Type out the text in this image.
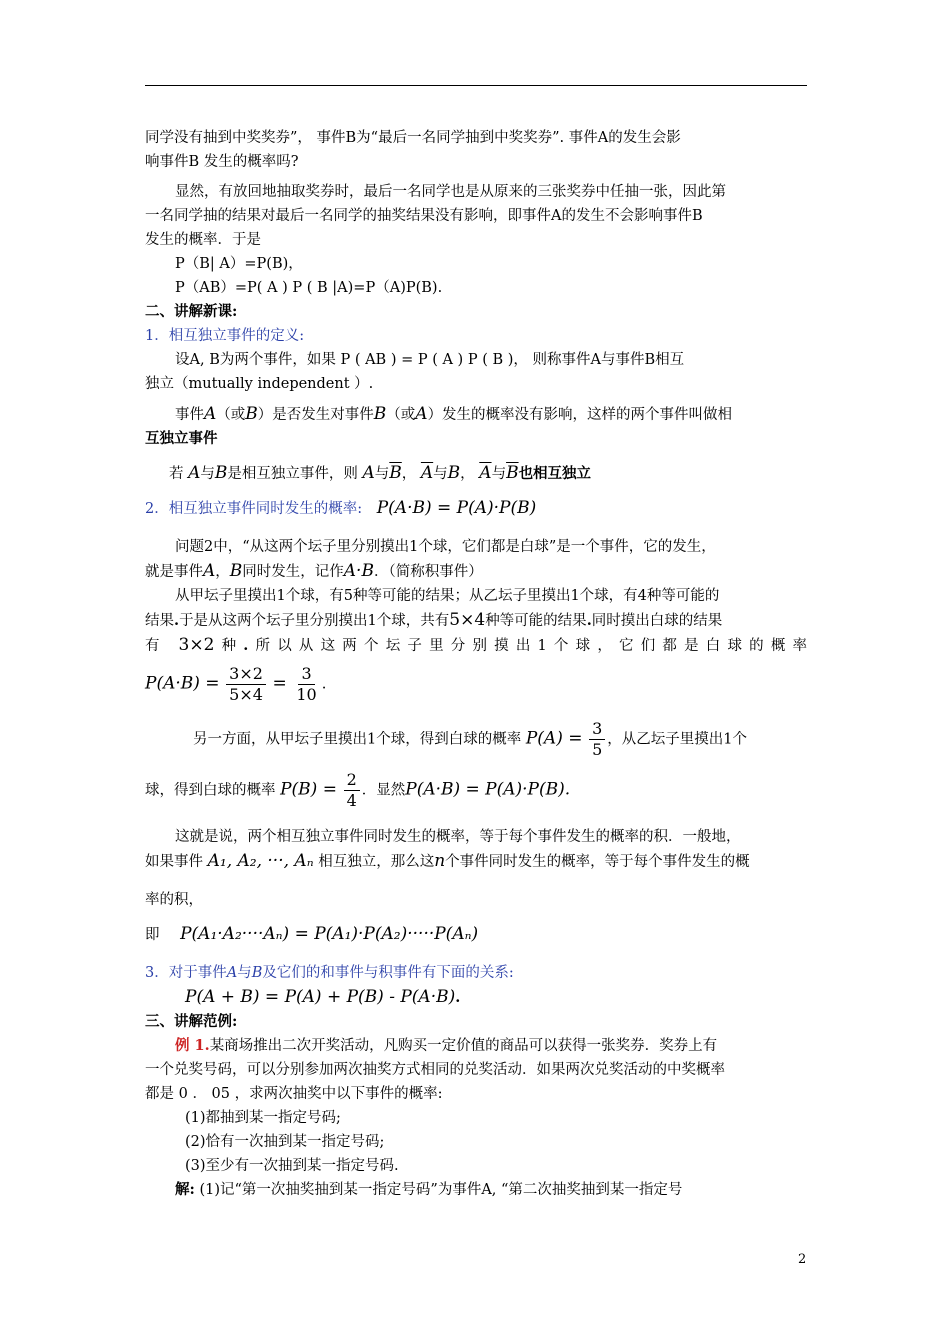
同学没有抽到中奖奖券”， 事件B为“最后一名同学抽到中奖奖券”. 事件A的发生会影

响事件B 发生的概率吗?

显然，有放回地抽取奖券时，最后一名同学也是从原来的三张奖券中任抽一张，因此第

一名同学抽的结果对最后一名同学的抽奖结果没有影响，即事件A的发生不会影响事件B

发生的概率．于是

P（B| A）=P(B)，

P（AB）=P( A ) P ( B |A)=P（A)P(B).

二、讲解新课:

1．相互独立事件的定义:

设A, B为两个事件，如果 P ( AB ) = P ( A ) P ( B )， 则称事件A与事件B相互

独立（mutually independent ）.

事件A（或B）是否发生对事件B（或A）发生的概率没有影响，这样的两个事件叫做相

互独立事件

若 A与B是相互独立事件，则 A与$\overline{B}$， $\overline{A}$与B， $\overline{A}$与$\overline{B}$也相互独立

2．相互独立事件同时发生的概率: P(A·B) = P(A)·P(B)

问题2中，“从这两个坛子里分别摸出1个球，它们都是白球”是一个事件，它的发生，

就是事件A，B同时发生，记作A·B．（简称积事件）

从甲坛子里摸出1个球，有5种等可能的结果；从乙坛子里摸出1个球，有4种等可能的

结果.于是从这两个坛子里分别摸出1个球，共有5×4种等可能的结果.同时摸出白球的结果

有 3×2种.所以从这两个坛子里分别摸出1个球，它们都是白球的概率

$P(A\cdot B) = \frac{3\times 2}{5\times 4} = \frac{3}{10}$ .

另一方面，从甲坛子里摸出1个球，得到白球的概率 $P(A) = \frac{3}{5}$ ，从乙坛子里摸出1个

球，得到白球的概率 $P(B) = \frac{2}{4}$ ．显然P(A·B) = P(A)·P(B).

这就是说，两个相互独立事件同时发生的概率，等于每个事件发生的概率的积．一般地，

如果事件 A₁, A₂, ···, Aₙ 相互独立，那么这n个事件同时发生的概率，等于每个事件发生的概

率的积，

即 P(A₁·A₂····Aₙ) = P(A₁)·P(A₂)·····P(Aₙ)

3．对于事件A与B及它们的和事件与积事件有下面的关系:

P(A + B) = P(A) + P(B) - P(A·B).

三、讲解范例:

例 1.某商场推出二次开奖活动，凡购买一定价值的商品可以获得一张奖券．奖券上有

一个兑奖号码，可以分别参加两次抽奖方式相同的兑奖活动．如果两次兑奖活动的中奖概率

都是 0 ． 05 ，求两次抽奖中以下事件的概率:

(1)都抽到某一指定号码;

(2)恰有一次抽到某一指定号码;

(3)至少有一次抽到某一指定号码.

解: (1)记“第一次抽奖抽到某一指定号码”为事件A, “第二次抽奖抽到某一指定号

2
